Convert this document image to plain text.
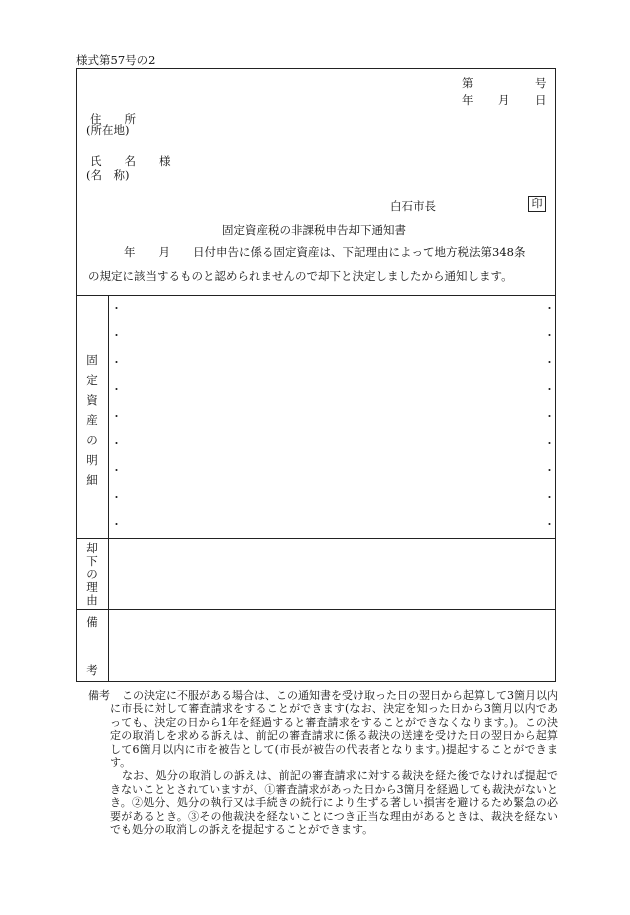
様式第57号の2
第	号
年 月 日
住　　所
(所在地)
氏　　名　　様
(名　称)
白石市長	印
固定資産税の非課税申告却下通知書
年　　月　　日付申告に係る固定資産は、下記理由によって地方税法第348条
の規定に該当するものと認められませんので却下と決定しましたから通知します。
固
定
資
産
の
明
細
・	・
・	・
・	・
・	・
・	・
・	・
・	・
・	・
・	・
却
下
の
理
由
備
考
備考	この決定に不服がある場合は、この通知書を受け取った日の翌日から起算して3箇月以内に市長に対して審査請求をすることができます(なお、決定を知った日から3箇月以内であっても、決定の日から1年を経過すると審査請求をすることができなくなります。)。この決定の取消しを求める訴えは、前記の審査請求に係る裁決の送達を受けた日の翌日から起算して6箇月以内に市を被告として(市長が被告の代表者となります。)提起することができます。
なお、処分の取消しの訴えは、前記の審査請求に対する裁決を経た後でなければ提起できないこととされていますが、①審査請求があった日から3箇月を経過しても裁決がないとき。②処分、処分の執行又は手続きの続行により生ずる著しい損害を避けるため緊急の必要があるとき。③その他裁決を経ないことにつき正当な理由があるときは、裁決を経ないでも処分の取消しの訴えを提起することができます。
